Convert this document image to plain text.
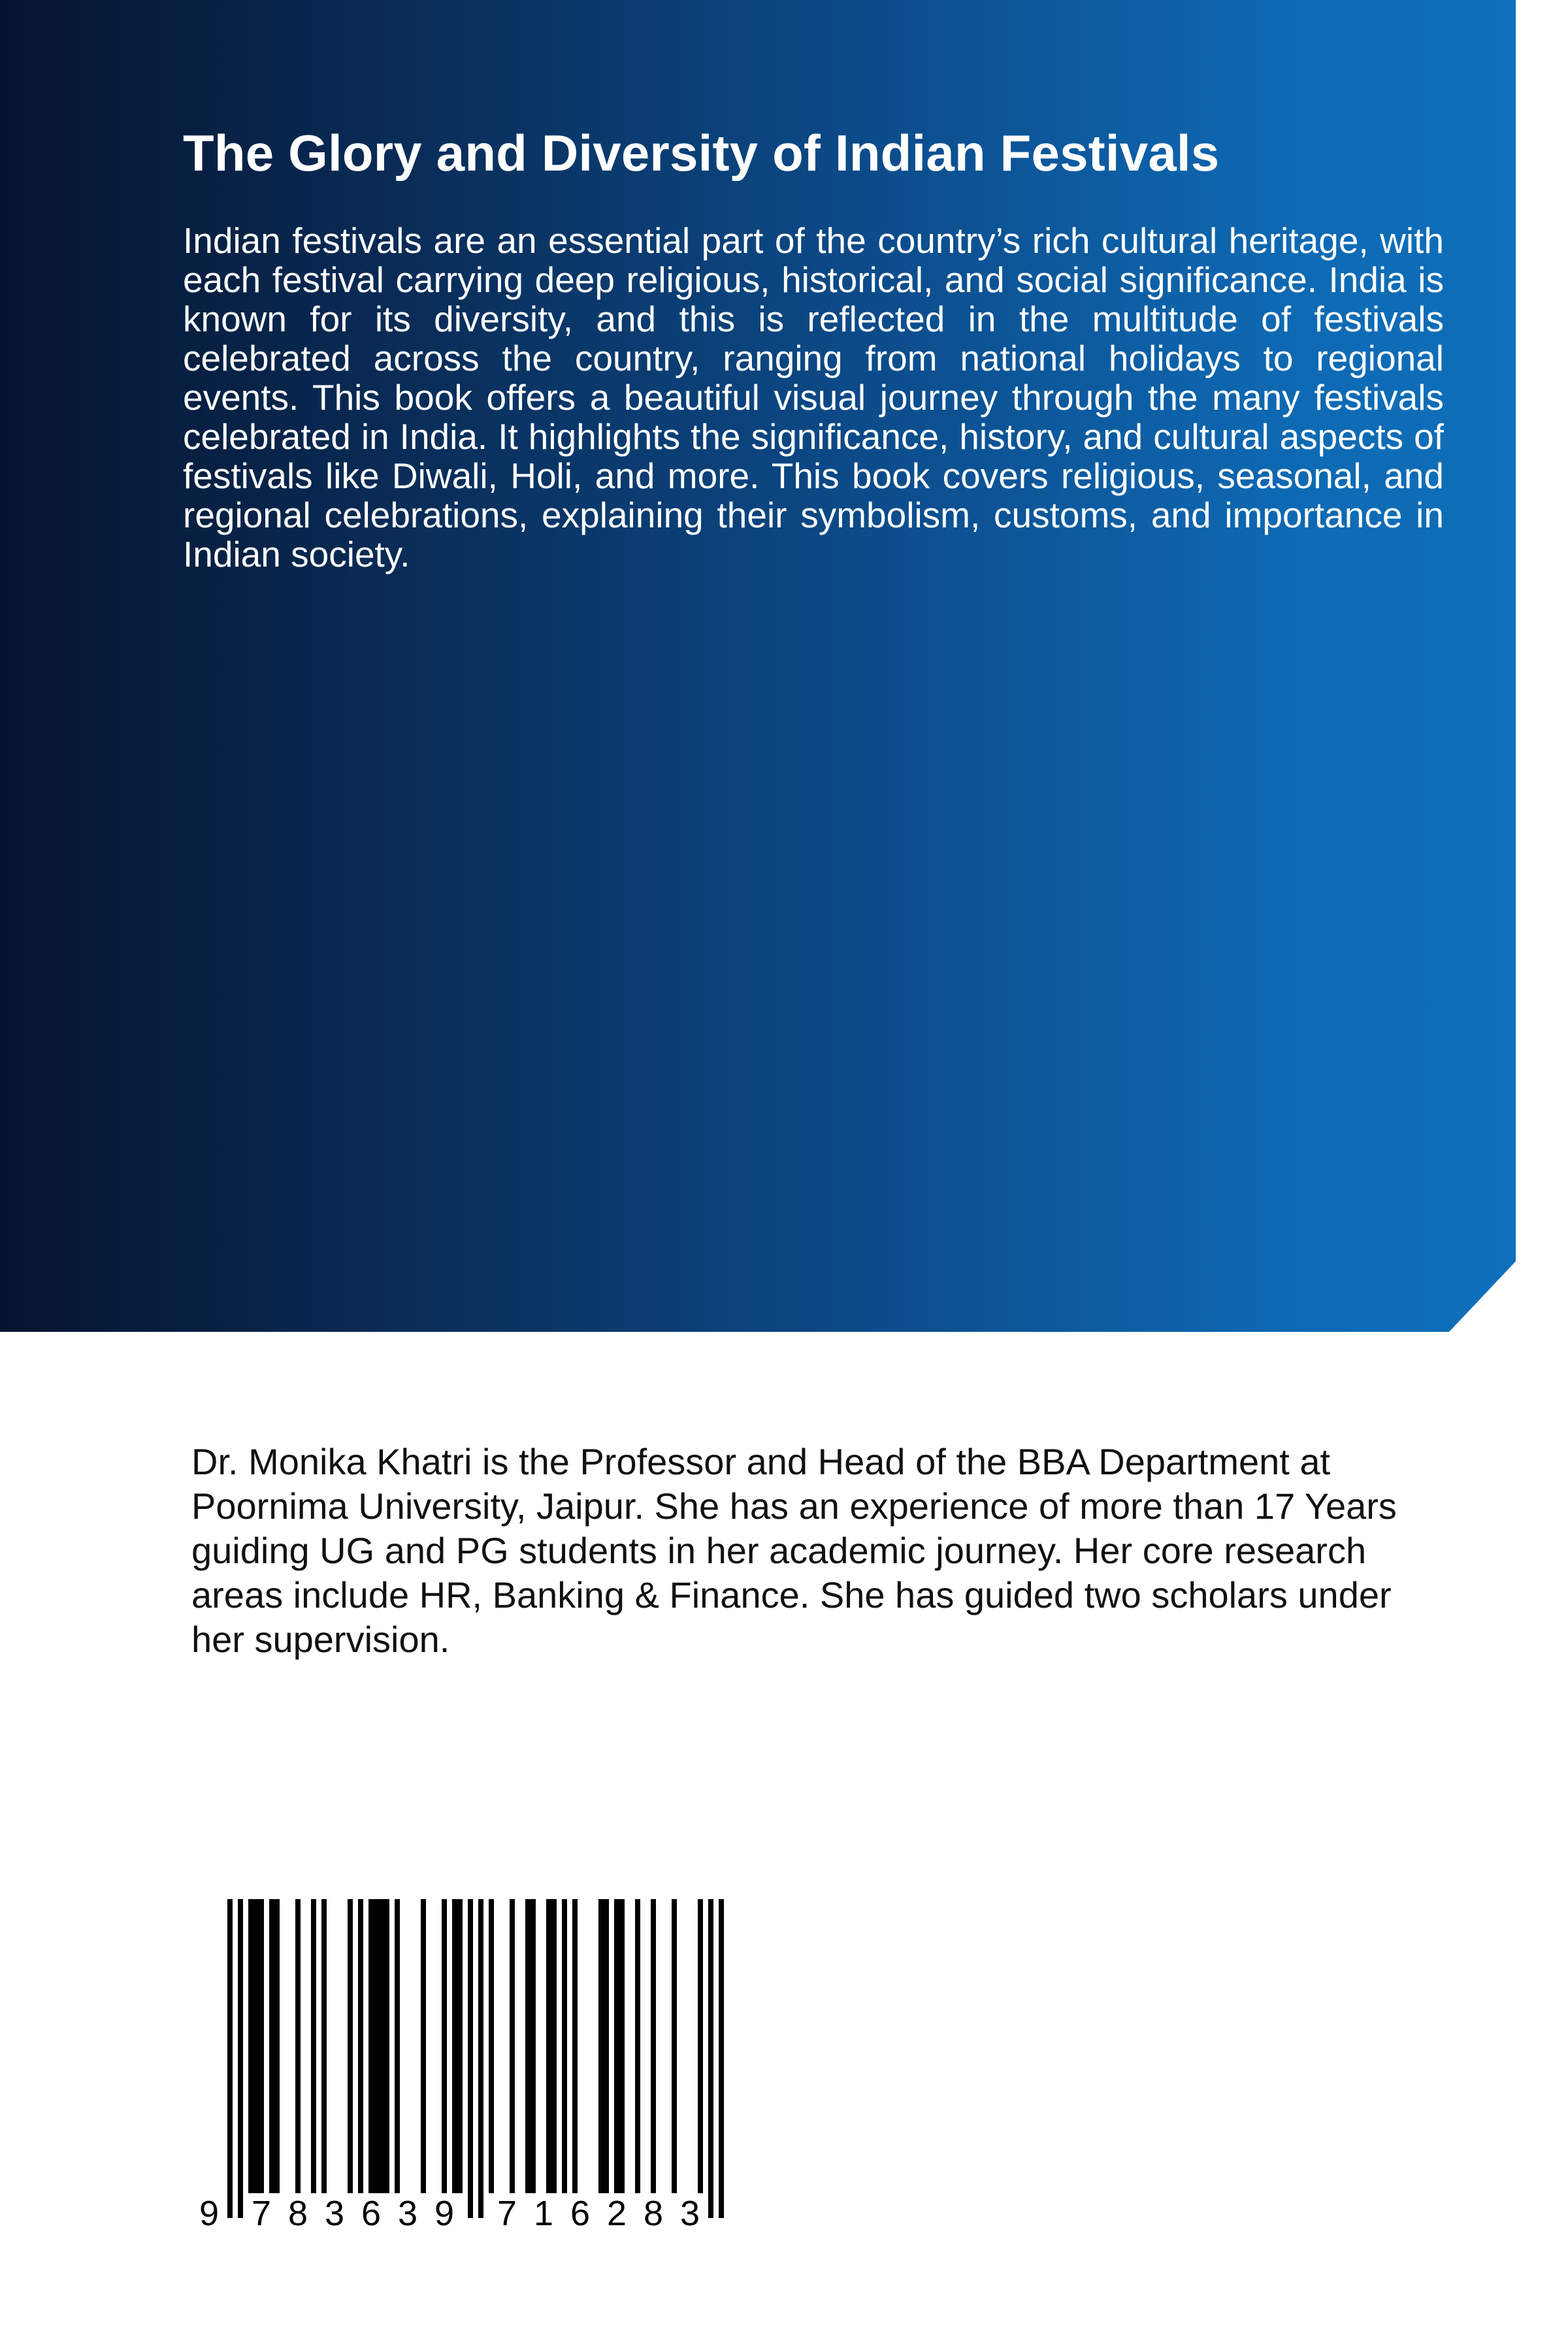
The Glory and Diversity of Indian Festivals

Indian festivals are an essential part of the country’s rich cultural heritage, with each festival carrying deep religious, historical, and social significance. India is known for its diversity, and this is reflected in the multitude of festivals celebrated across the country, ranging from national holidays to regional events. This book offers a beautiful visual journey through the many festivals celebrated in India. It highlights the significance, history, and cultural aspects of festivals like Diwali, Holi, and more. This book covers religious, seasonal, and regional celebrations, explaining their symbolism, customs, and importance in Indian society.

Dr. Monika Khatri is the Professor and Head of the BBA Department at Poornima University, Jaipur. She has an experience of more than 17 Years guiding UG and PG students in her academic journey. Her core research areas include HR, Banking & Finance. She has guided two scholars under her supervision.

9 7 8 3 6 3 9 7 1 6 2 8 3
